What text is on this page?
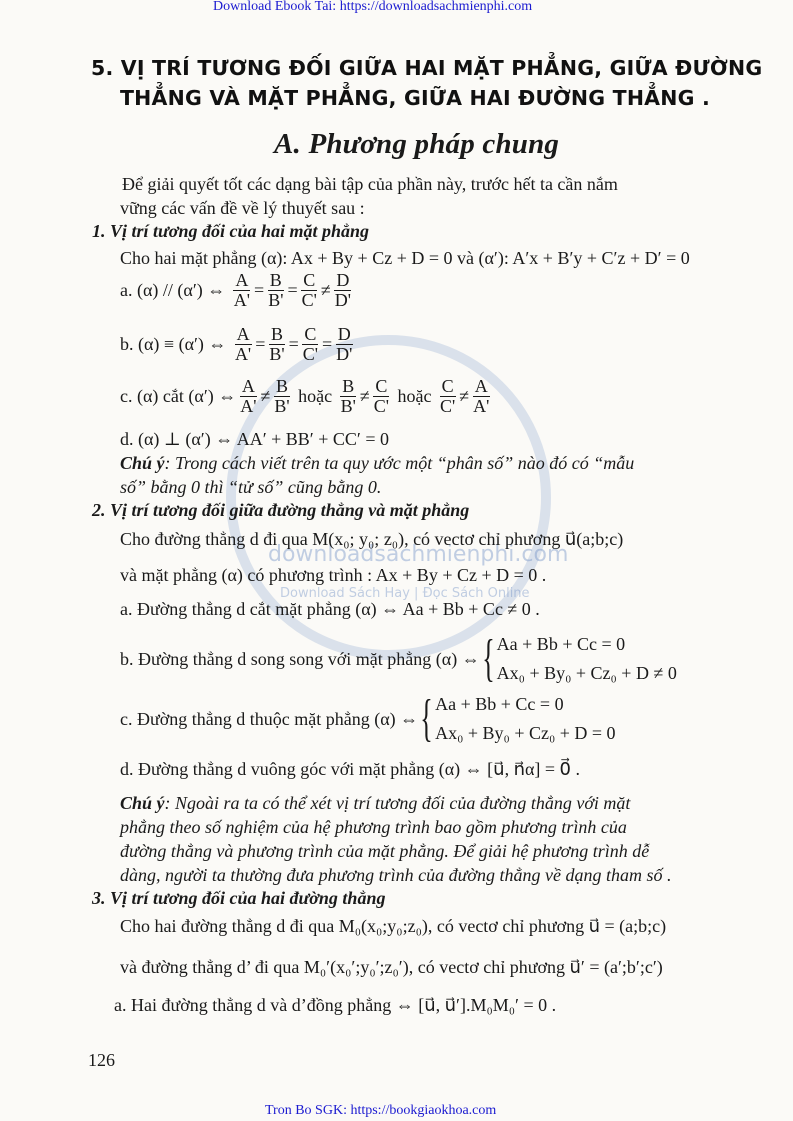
downloadsachmienphi.com
Download Sách Hay | Đọc Sách Online
Download Ebook Tai: https://downloadsachmienphi.com
5. VỊ TRÍ TƯƠNG ĐỐI GIỮA HAI MẶT PHẲNG, GIỮA ĐƯỜNG
THẲNG VÀ MẶT PHẲNG, GIỮA HAI ĐƯỜNG THẲNG .
A. Phương pháp chung
Để giải quyết tốt các dạng bài tập của phần này, trước hết ta cần nắm
vững các vấn đề về lý thuyết sau :
1. Vị trí tương đối của hai mặt phẳng
Cho hai mặt phẳng (α): Ax + By + Cz + D = 0 và (α′): A′x + B′y + C′z + D′ = 0
a. (α) // (α′) ⇔
$\frac{A}{A'} = \frac{B}{B'} = \frac{C}{C'} \ne \frac{D}{D'}$
b. (α) ≡ (α′) ⇔
$\frac{A}{A'} = \frac{B}{B'} = \frac{C}{C'} = \frac{D}{D'}$
c. (α) cắt (α′) ⇔ $\frac{A}{A'} \ne \frac{B}{B'}$
hoặc
$\frac{B}{B'} \ne \frac{C}{C'}$
hoặc
$\frac{C}{C'} \ne \frac{A}{A'}$
d. (α) ⊥ (α′) ⇔ AA′ + BB′ + CC′ = 0
Chú ý: Trong cách viết trên ta quy ước một “phân số” nào đó có “mẫu
số” bằng 0 thì “tử số” cũng bằng 0.
2. Vị trí tương đối giữa đường thẳng và mặt phẳng
Cho đường thẳng d đi qua M(x₀; y₀; z₀), có vectơ chỉ phương u⃗(a;b;c)
và mặt phẳng (α) có phương trình : Ax + By + Cz + D = 0 .
a. Đường thẳng d cắt mặt phẳng (α) ⇔ Aa + Bb + Cc ≠ 0 .
b. Đường thẳng d song song với mặt phẳng (α) ⇔ { Aa + Bb + Cc = 0
Ax₀ + By₀ + Cz₀ + D ≠ 0
c. Đường thẳng d thuộc mặt phẳng (α) ⇔ { Aa + Bb + Cc = 0
Ax₀ + By₀ + Cz₀ + D = 0
d. Đường thẳng d vuông góc với mặt phẳng (α) ⇔ [u⃗, n⃗α] = 0⃗ .
Chú ý: Ngoài ra ta có thể xét vị trí tương đối của đường thẳng với mặt
phẳng theo số nghiệm của hệ phương trình bao gồm phương trình của
đường thẳng và phương trình của mặt phẳng. Để giải hệ phương trình dễ
dàng, người ta thường đưa phương trình của đường thẳng về dạng tham số .
3. Vị trí tương đối của hai đường thẳng
Cho hai đường thẳng d đi qua M₀(x₀;y₀;z₀), có vectơ chỉ phương u⃗ = (a;b;c)
và đường thẳng d’ đi qua M₀′(x₀′;y₀′;z₀′), có vectơ chỉ phương u⃗′ = (a′;b′;c′)
a. Hai đường thẳng d và d’đồng phẳng ⇔ [u⃗, u⃗′].M₀M₀′ = 0 .
126
Tron Bo SGK: https://bookgiaokhoa.com
